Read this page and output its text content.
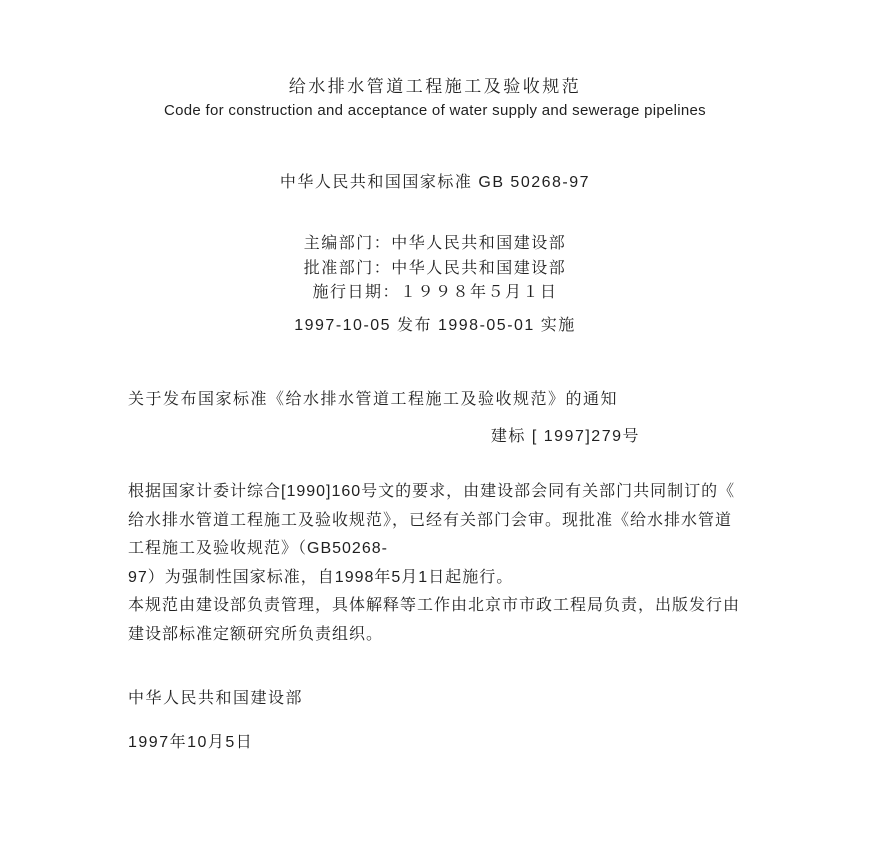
给水排水管道工程施工及验收规范
Code for construction and acceptance of water supply and sewerage pipelines
中华人民共和国国家标准 GB 50268-97
主编部门：中华人民共和国建设部
批准部门：中华人民共和国建设部
施行日期：１９９８年５月１日
1997-10-05 发布 1998-05-01 实施
关于发布国家标准《给水排水管道工程施工及验收规范》的通知
建标 [ 1997]279号
根据国家计委计综合[1990]160号文的要求，由建设部会同有关部门共同制订的《
给水排水管道工程施工及验收规范》，已经有关部门会审。现批准《给水排水管道
工程施工及验收规范》（GB50268-
97）为强制性国家标准，自1998年5月1日起施行。
本规范由建设部负责管理，具体解释等工作由北京市市政工程局负责，出版发行由
建设部标准定额研究所负责组织。
中华人民共和国建设部
1997年10月5日
